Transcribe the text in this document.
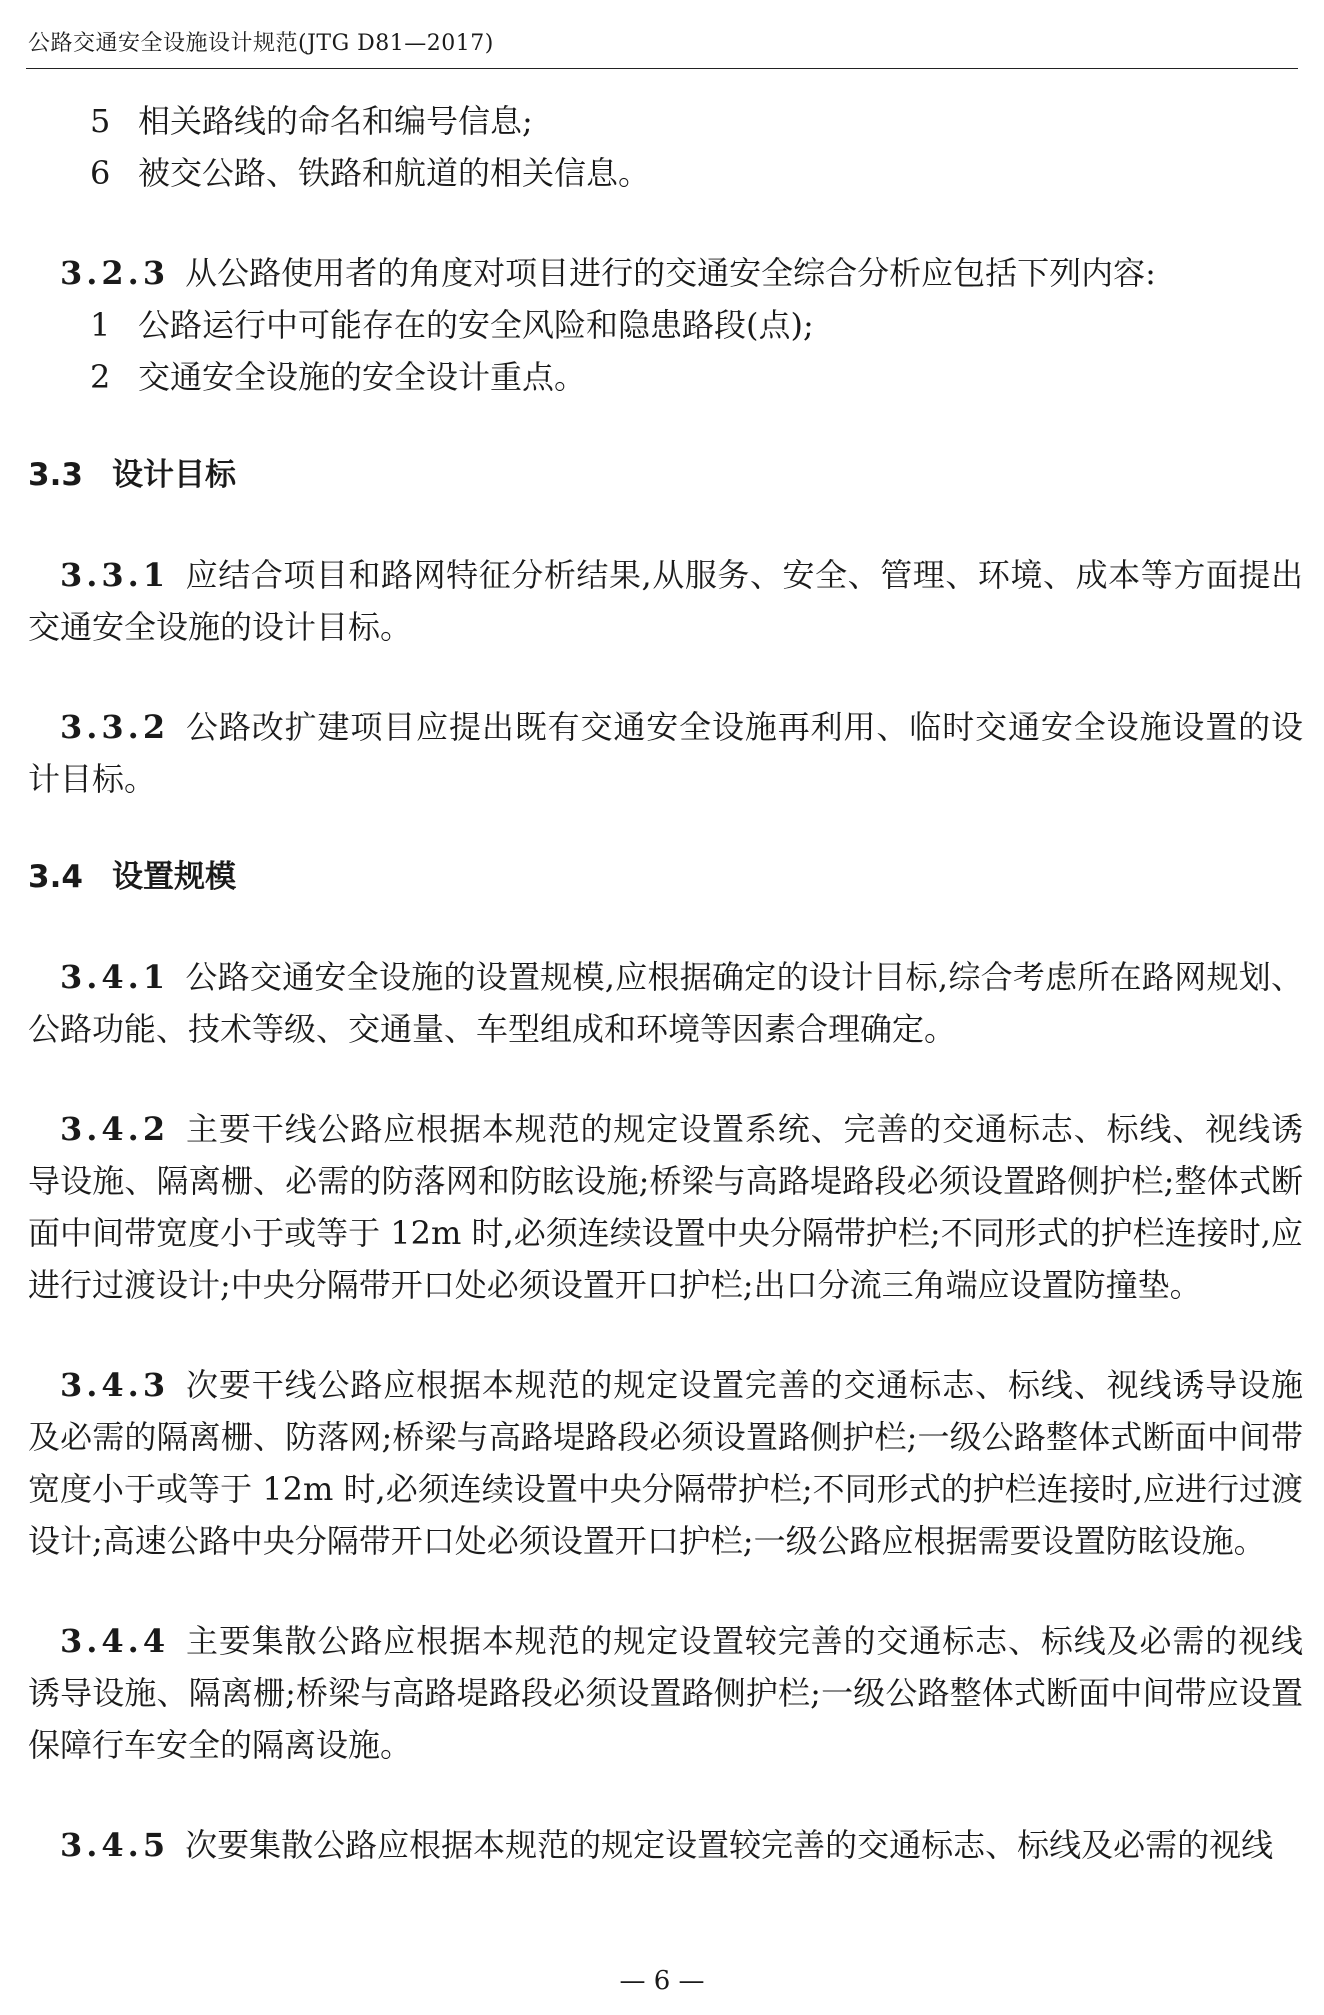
公路交通安全设施设计规范(JTG D81—2017)
5 相关路线的命名和编号信息;
6 被交公路、铁路和航道的相关信息。
3.2.3 从公路使用者的角度对项目进行的交通安全综合分析应包括下列内容:
1 公路运行中可能存在的安全风险和隐患路段(点);
2 交通安全设施的安全设计重点。
3.3 设计目标
3.3.1 应结合项目和路网特征分析结果,从服务、安全、管理、环境、成本等方面提出交通安全设施的设计目标。
3.3.2 公路改扩建项目应提出既有交通安全设施再利用、临时交通安全设施设置的设计目标。
3.4 设置规模
3.4.1 公路交通安全设施的设置规模,应根据确定的设计目标,综合考虑所在路网规划、公路功能、技术等级、交通量、车型组成和环境等因素合理确定。
3.4.2 主要干线公路应根据本规范的规定设置系统、完善的交通标志、标线、视线诱导设施、隔离栅、必需的防落网和防眩设施;桥梁与高路堤路段必须设置路侧护栏;整体式断面中间带宽度小于或等于 12m 时,必须连续设置中央分隔带护栏;不同形式的护栏连接时,应进行过渡设计;中央分隔带开口处必须设置开口护栏;出口分流三角端应设置防撞垫。
3.4.3 次要干线公路应根据本规范的规定设置完善的交通标志、标线、视线诱导设施及必需的隔离栅、防落网;桥梁与高路堤路段必须设置路侧护栏;一级公路整体式断面中间带宽度小于或等于 12m 时,必须连续设置中央分隔带护栏;不同形式的护栏连接时,应进行过渡设计;高速公路中央分隔带开口处必须设置开口护栏;一级公路应根据需要设置防眩设施。
3.4.4 主要集散公路应根据本规范的规定设置较完善的交通标志、标线及必需的视线诱导设施、隔离栅;桥梁与高路堤路段必须设置路侧护栏;一级公路整体式断面中间带应设置保障行车安全的隔离设施。
3.4.5 次要集散公路应根据本规范的规定设置较完善的交通标志、标线及必需的视线
— 6 —
